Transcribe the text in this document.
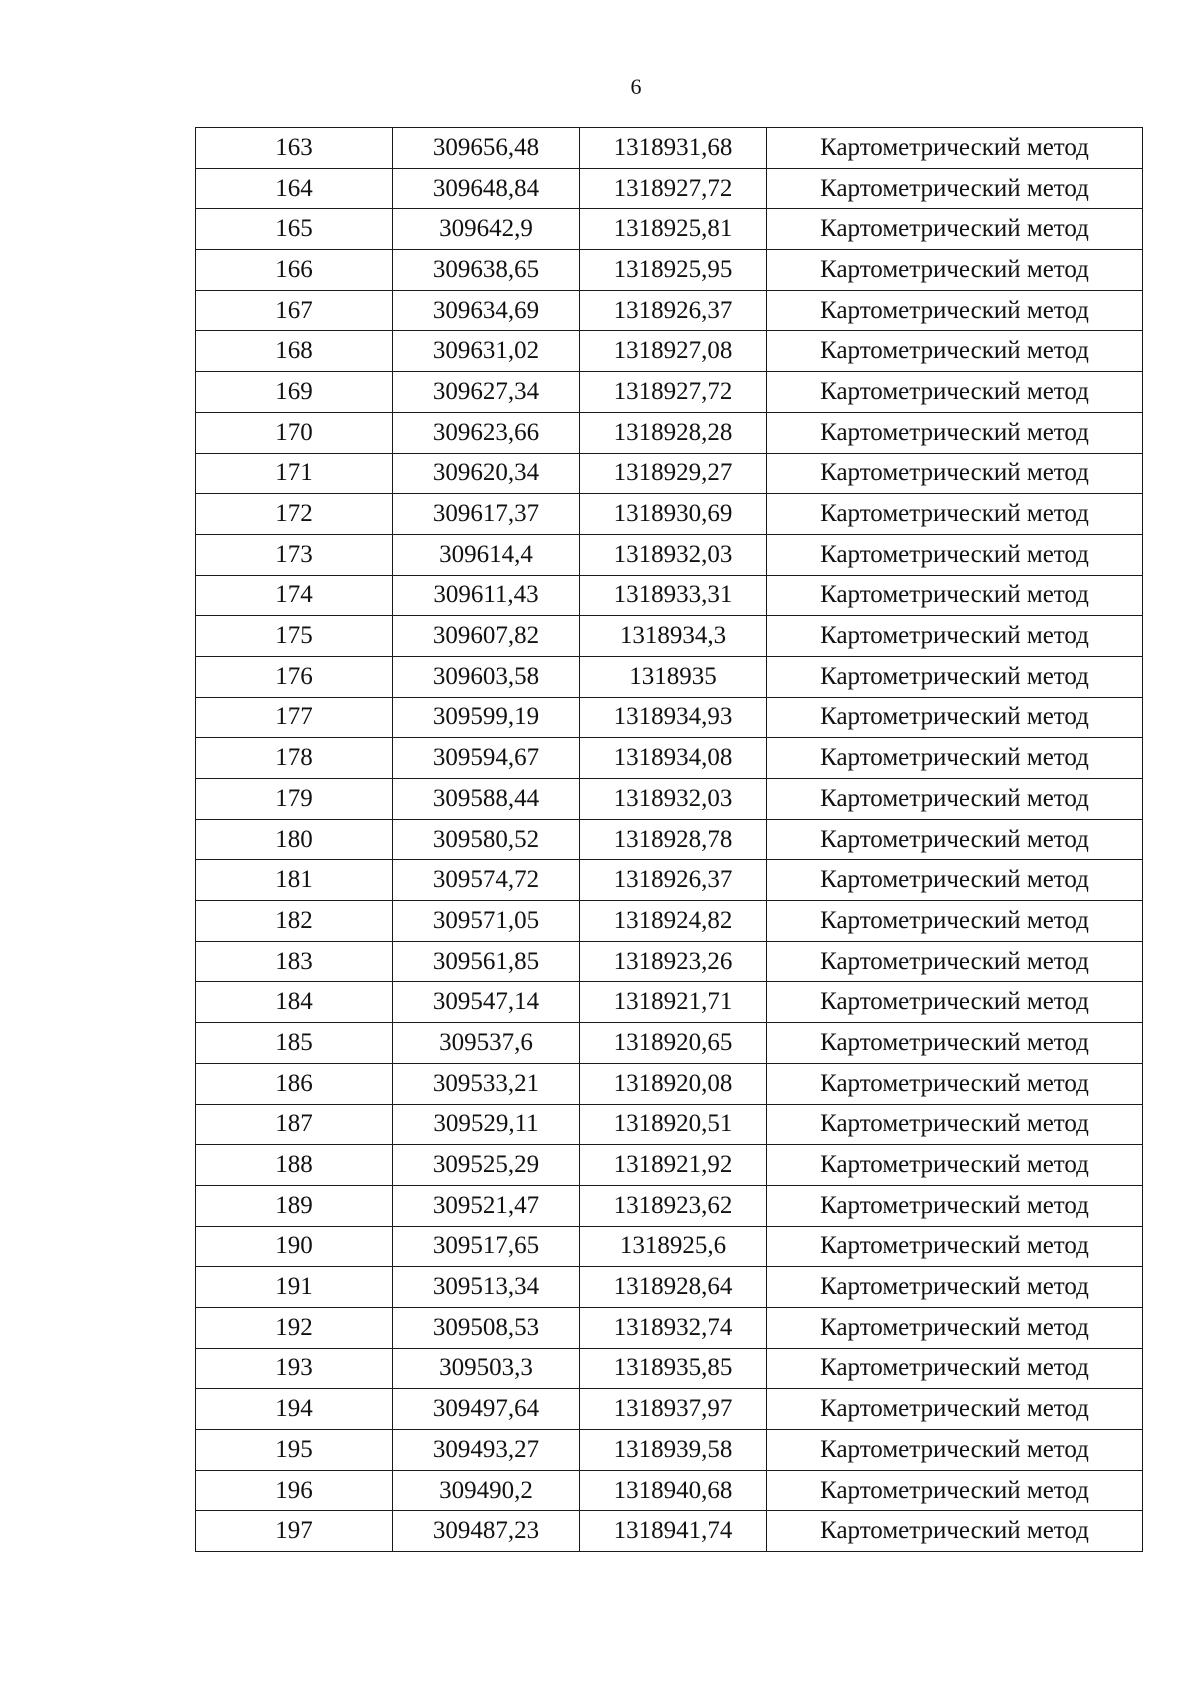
6
163	309656,48	1318931,68	Картометрический метод
164	309648,84	1318927,72	Картометрический метод
165	309642,9	1318925,81	Картометрический метод
166	309638,65	1318925,95	Картометрический метод
167	309634,69	1318926,37	Картометрический метод
168	309631,02	1318927,08	Картометрический метод
169	309627,34	1318927,72	Картометрический метод
170	309623,66	1318928,28	Картометрический метод
171	309620,34	1318929,27	Картометрический метод
172	309617,37	1318930,69	Картометрический метод
173	309614,4	1318932,03	Картометрический метод
174	309611,43	1318933,31	Картометрический метод
175	309607,82	1318934,3	Картометрический метод
176	309603,58	1318935	Картометрический метод
177	309599,19	1318934,93	Картометрический метод
178	309594,67	1318934,08	Картометрический метод
179	309588,44	1318932,03	Картометрический метод
180	309580,52	1318928,78	Картометрический метод
181	309574,72	1318926,37	Картометрический метод
182	309571,05	1318924,82	Картометрический метод
183	309561,85	1318923,26	Картометрический метод
184	309547,14	1318921,71	Картометрический метод
185	309537,6	1318920,65	Картометрический метод
186	309533,21	1318920,08	Картометрический метод
187	309529,11	1318920,51	Картометрический метод
188	309525,29	1318921,92	Картометрический метод
189	309521,47	1318923,62	Картометрический метод
190	309517,65	1318925,6	Картометрический метод
191	309513,34	1318928,64	Картометрический метод
192	309508,53	1318932,74	Картометрический метод
193	309503,3	1318935,85	Картометрический метод
194	309497,64	1318937,97	Картометрический метод
195	309493,27	1318939,58	Картометрический метод
196	309490,2	1318940,68	Картометрический метод
197	309487,23	1318941,74	Картометрический метод
